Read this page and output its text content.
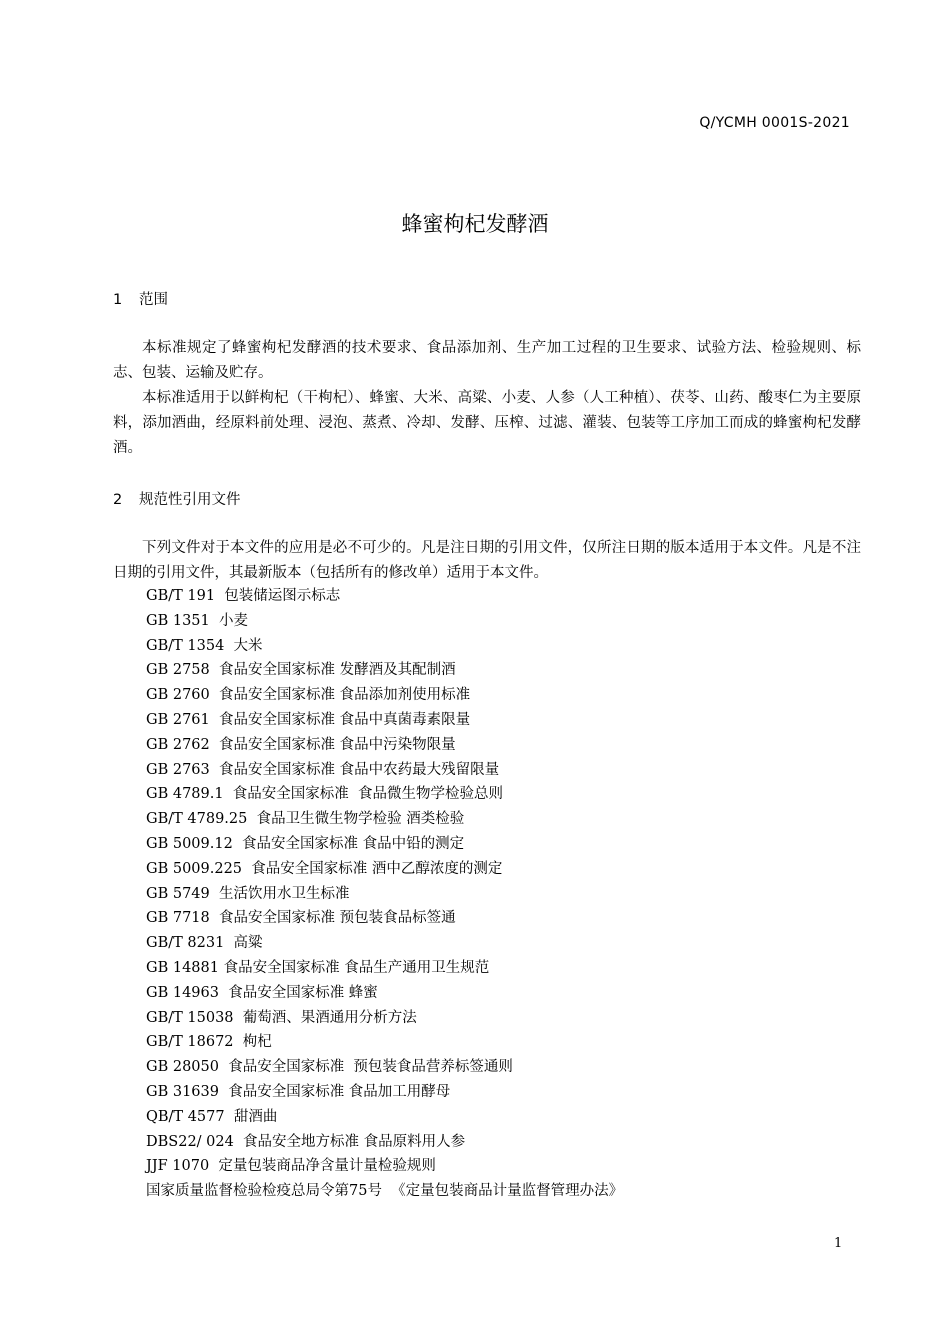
Q/YCMH 0001S-2021
蜂蜜枸杞发酵酒
1 范围
本标准规定了蜂蜜枸杞发酵酒的技术要求、食品添加剂、生产加工过程的卫生要求、试验方法、检验规则、标志、包装、运输及贮存。
本标准适用于以鲜枸杞（干枸杞）、蜂蜜、大米、高粱、小麦、人参（人工种植）、茯苓、山药、酸枣仁为主要原料，添加酒曲，经原料前处理、浸泡、蒸煮、冷却、发酵、压榨、过滤、灌装、包装等工序加工而成的蜂蜜枸杞发酵酒。
2 规范性引用文件
下列文件对于本文件的应用是必不可少的。凡是注日期的引用文件，仅所注日期的版本适用于本文件。凡是不注日期的引用文件，其最新版本（包括所有的修改单）适用于本文件。
GB/T 191  包装储运图示标志
GB 1351  小麦
GB/T 1354  大米
GB 2758  食品安全国家标准 发酵酒及其配制酒
GB 2760  食品安全国家标准 食品添加剂使用标准
GB 2761  食品安全国家标准 食品中真菌毒素限量
GB 2762  食品安全国家标准 食品中污染物限量
GB 2763  食品安全国家标准 食品中农药最大残留限量
GB 4789.1  食品安全国家标准  食品微生物学检验总则
GB/T 4789.25  食品卫生微生物学检验 酒类检验
GB 5009.12  食品安全国家标准 食品中铅的测定
GB 5009.225  食品安全国家标准 酒中乙醇浓度的测定
GB 5749  生活饮用水卫生标准
GB 7718  食品安全国家标准 预包装食品标签通
GB/T 8231  高粱
GB 14881 食品安全国家标准 食品生产通用卫生规范
GB 14963  食品安全国家标准 蜂蜜
GB/T 15038  葡萄酒、果酒通用分析方法
GB/T 18672  枸杞
GB 28050  食品安全国家标准  预包装食品营养标签通则
GB 31639  食品安全国家标准 食品加工用酵母
QB/T 4577  甜酒曲
DBS22/ 024  食品安全地方标准 食品原料用人参
JJF 1070  定量包装商品净含量计量检验规则
国家质量监督检验检疫总局令第75号  《定量包装商品计量监督管理办法》
1
